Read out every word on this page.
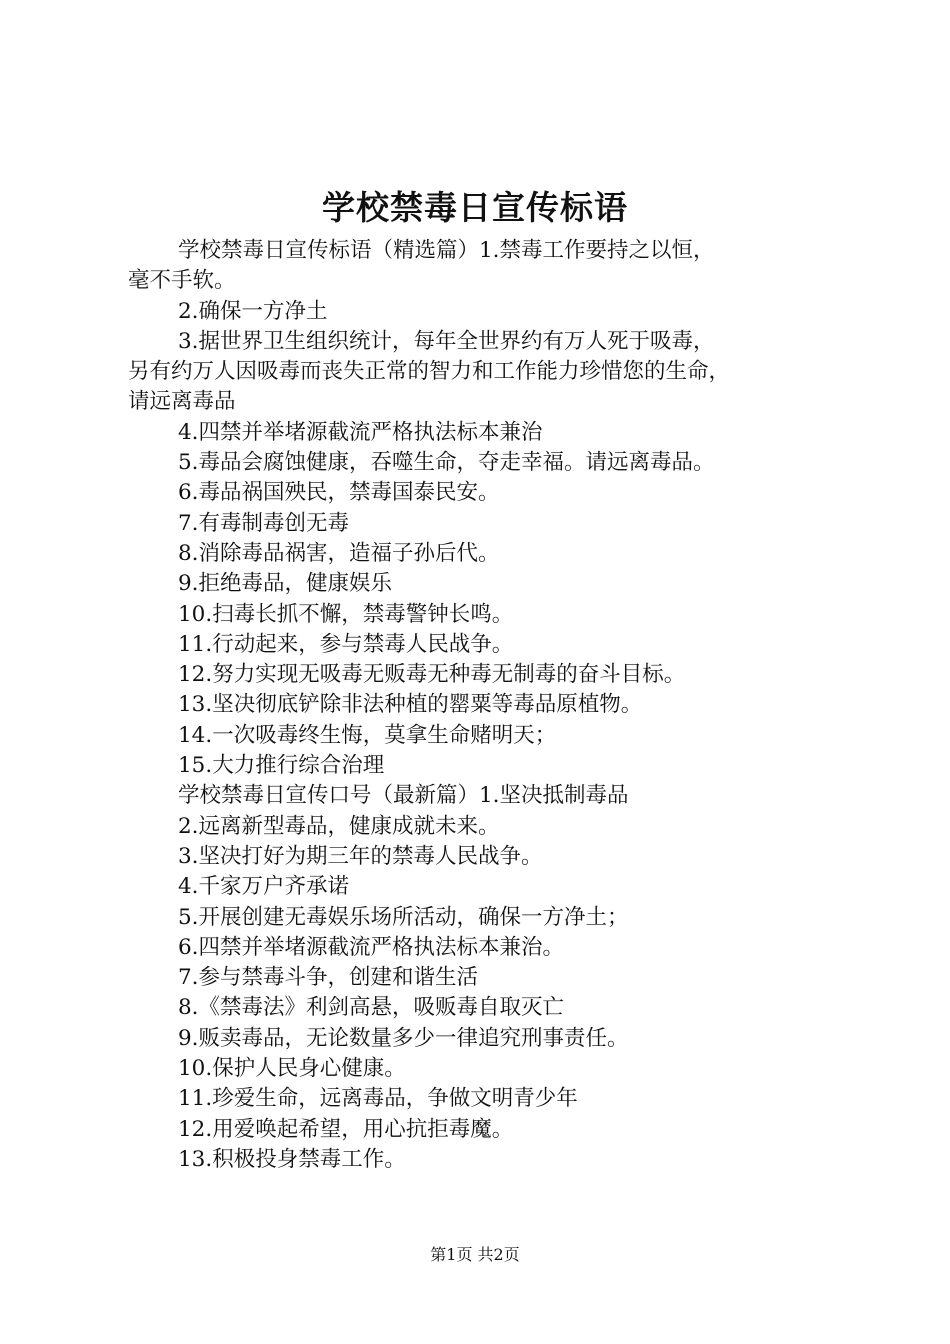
学校禁毒日宣传标语
学校禁毒日宣传标语（精选篇）1.禁毒工作要持之以恒，
毫不手软。
2.确保一方净土
3.据世界卫生组织统计，每年全世界约有万人死于吸毒，
另有约万人因吸毒而丧失正常的智力和工作能力珍惜您的生命，
请远离毒品
4.四禁并举堵源截流严格执法标本兼治
5.毒品会腐蚀健康，吞噬生命，夺走幸福。请远离毒品。
6.毒品祸国殃民，禁毒国泰民安。
7.有毒制毒创无毒
8.消除毒品祸害，造福子孙后代。
9.拒绝毒品，健康娱乐
10.扫毒长抓不懈，禁毒警钟长鸣。
11.行动起来，参与禁毒人民战争。
12.努力实现无吸毒无贩毒无种毒无制毒的奋斗目标。
13.坚决彻底铲除非法种植的罂粟等毒品原植物。
14.一次吸毒终生悔，莫拿生命赌明天；
15.大力推行综合治理
学校禁毒日宣传口号（最新篇）1.坚决抵制毒品
2.远离新型毒品，健康成就未来。
3.坚决打好为期三年的禁毒人民战争。
4.千家万户齐承诺
5.开展创建无毒娱乐场所活动，确保一方净土；
6.四禁并举堵源截流严格执法标本兼治。
7.参与禁毒斗争，创建和谐生活
8.《禁毒法》利剑高悬，吸贩毒自取灭亡
9.贩卖毒品，无论数量多少一律追究刑事责任。
10.保护人民身心健康。
11.珍爱生命，远离毒品，争做文明青少年
12.用爱唤起希望，用心抗拒毒魔。
13.积极投身禁毒工作。
第1页 共2页
